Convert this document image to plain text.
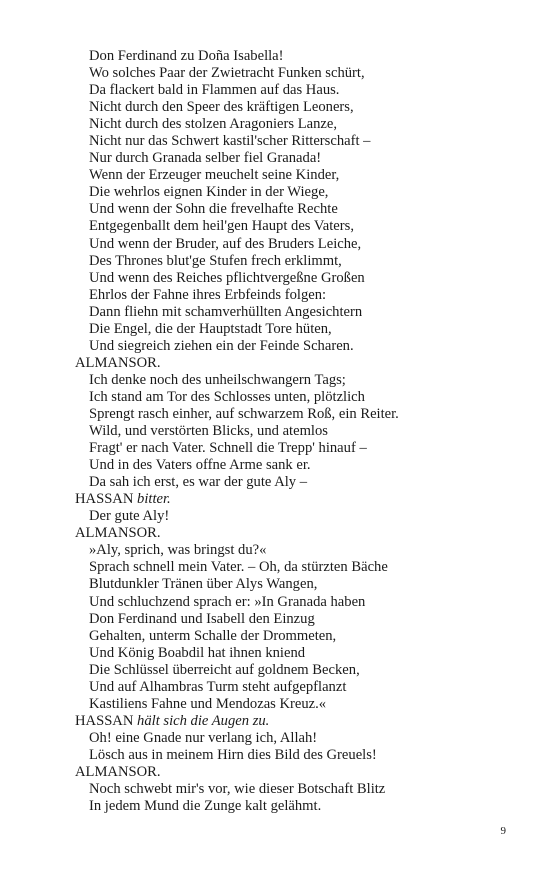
Don Ferdinand zu Doña Isabella!
Wo solches Paar der Zwietracht Funken schürt,
Da flackert bald in Flammen auf das Haus.
Nicht durch den Speer des kräftigen Leoners,
Nicht durch des stolzen Aragoniers Lanze,
Nicht nur das Schwert kastil'scher Ritterschaft –
Nur durch Granada selber fiel Granada!
Wenn der Erzeuger meuchelt seine Kinder,
Die wehrlos eignen Kinder in der Wiege,
Und wenn der Sohn die frevelhafte Rechte
Entgegenballt dem heil'gen Haupt des Vaters,
Und wenn der Bruder, auf des Bruders Leiche,
Des Thrones blut'ge Stufen frech erklimmt,
Und wenn des Reiches pflichtvergeßne Großen
Ehrlos der Fahne ihres Erbfeinds folgen:
Dann fliehn mit schamverhüllten Angesichtern
Die Engel, die der Hauptstadt Tore hüten,
Und siegreich ziehen ein der Feinde Scharen.
ALMANSOR.
Ich denke noch des unheilschwangern Tags;
Ich stand am Tor des Schlosses unten, plötzlich
Sprengt rasch einher, auf schwarzem Roß, ein Reiter.
Wild, und verstörten Blicks, und atemlos
Fragt' er nach Vater. Schnell die Trepp' hinauf –
Und in des Vaters offne Arme sank er.
Da sah ich erst, es war der gute Aly –
HASSAN bitter.
Der gute Aly!
ALMANSOR.
»Aly, sprich, was bringst du?«
Sprach schnell mein Vater. – Oh, da stürzten Bäche
Blutdunkler Tränen über Alys Wangen,
Und schluchzend sprach er: »In Granada haben
Don Ferdinand und Isabell den Einzug
Gehalten, unterm Schalle der Drommeten,
Und König Boabdil hat ihnen kniend
Die Schlüssel überreicht auf goldnem Becken,
Und auf Alhambras Turm steht aufgepflanzt
Kastiliens Fahne und Mendozas Kreuz.«
HASSAN hält sich die Augen zu.
Oh! eine Gnade nur verlang ich, Allah!
Lösch aus in meinem Hirn dies Bild des Greuels!
ALMANSOR.
Noch schwebt mir's vor, wie dieser Botschaft Blitz
In jedem Mund die Zunge kalt gelähmt.
9
